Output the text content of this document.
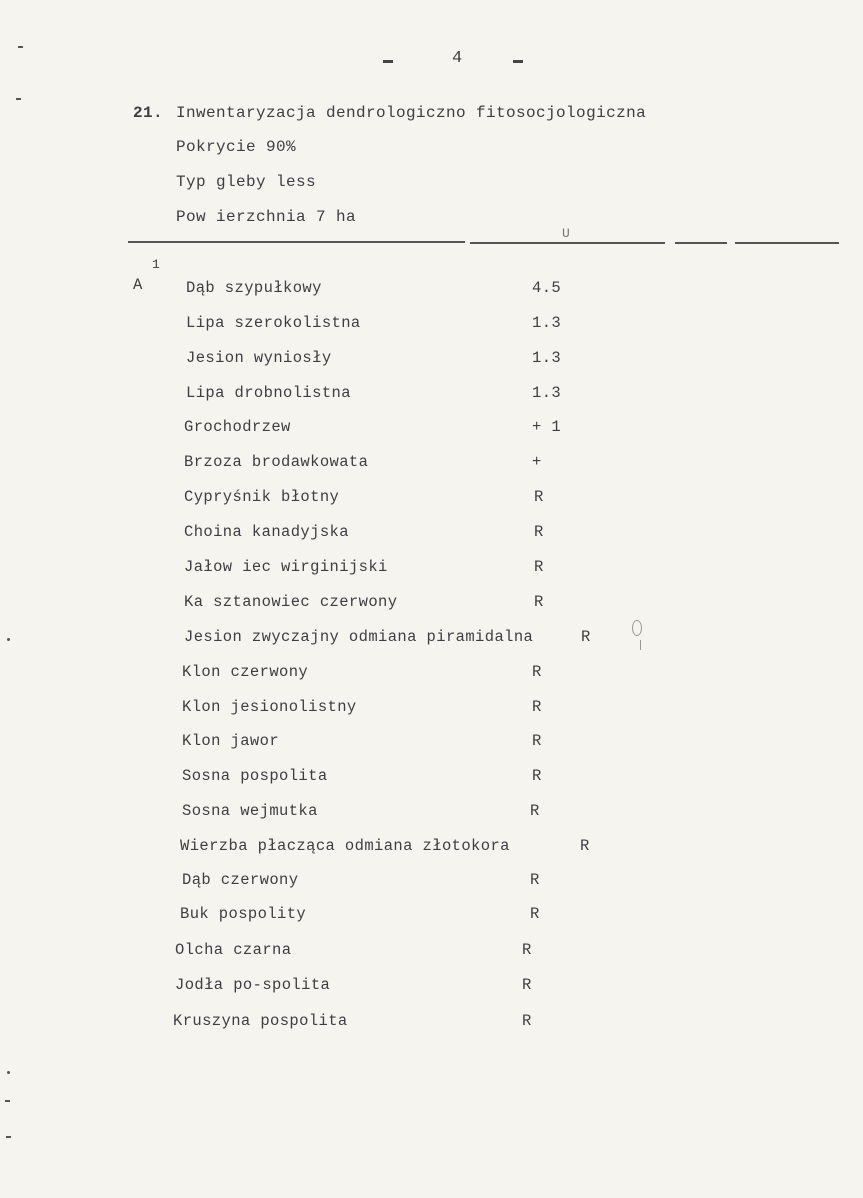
4
21. Inwentaryzacja dendrologiczno fitosocjologiczna
Pokrycie 90%
Typ gleby less
Pow ierzchnia 7 ha
U
1
A	Dąb szypułkowy	4.5
Lipa szerokolistna	1.3
Jesion wyniosły	1.3
Lipa drobnolistna	1.3
Grochodrzew	+ 1
Brzoza brodawkowata	+
Cypryśnik błotny	R
Choina kanadyjska	R
Jałow iec wirginijski	R
Ka sztanowiec czerwony	R
Jesion zwyczajny odmiana piramidalna	R
Klon czerwony	R
Klon jesionolistny	R
Klon jawor	R
Sosna pospolita	R
Sosna wejmutka	R
Wierzba płacząca odmiana złotokora	R
Dąb czerwony	R
Buk pospolity	R
Olcha czarna	R
Jodła po-spolita	R
Kruszyna pospolita	R
